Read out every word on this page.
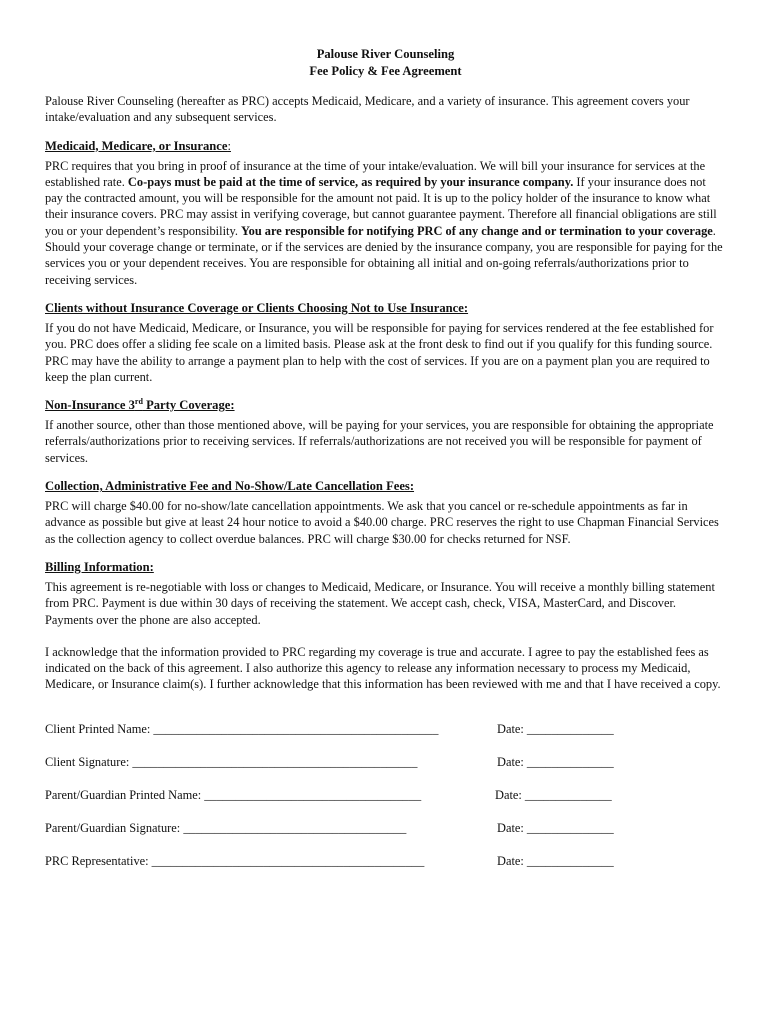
Palouse River Counseling
Fee Policy & Fee Agreement

Palouse River Counseling (hereafter as PRC) accepts Medicaid, Medicare, and a variety of insurance. This agreement covers your intake/evaluation and any subsequent services.

Medicaid, Medicare, or Insurance:

PRC requires that you bring in proof of insurance at the time of your intake/evaluation. We will bill your insurance for services at the established rate. Co-pays must be paid at the time of service, as required by your insurance company. If your insurance does not pay the contracted amount, you will be responsible for the amount not paid. It is up to the policy holder of the insurance to know what their insurance covers. PRC may assist in verifying coverage, but cannot guarantee payment. Therefore all financial obligations are still you or your dependent’s responsibility. You are responsible for notifying PRC of any change and or termination to your coverage. Should your coverage change or terminate, or if the services are denied by the insurance company, you are responsible for paying for the services you or your dependent receives. You are responsible for obtaining all initial and on-going referrals/authorizations prior to receiving services.

Clients without Insurance Coverage or Clients Choosing Not to Use Insurance:

If you do not have Medicaid, Medicare, or Insurance, you will be responsible for paying for services rendered at the fee established for you. PRC does offer a sliding fee scale on a limited basis. Please ask at the front desk to find out if you qualify for this funding source. PRC may have the ability to arrange a payment plan to help with the cost of services. If you are on a payment plan you are required to keep the plan current.

Non-Insurance 3rd Party Coverage:

If another source, other than those mentioned above, will be paying for your services, you are responsible for obtaining the appropriate referrals/authorizations prior to receiving services. If referrals/authorizations are not received you will be responsible for payment of services.

Collection, Administrative Fee and No-Show/Late Cancellation Fees:

PRC will charge $40.00 for no-show/late cancellation appointments. We ask that you cancel or re-schedule appointments as far in advance as possible but give at least 24 hour notice to avoid a $40.00 charge. PRC reserves the right to use Chapman Financial Services as the collection agency to collect overdue balances. PRC will charge $30.00 for checks returned for NSF.

Billing Information:

This agreement is re-negotiable with loss or changes to Medicaid, Medicare, or Insurance. You will receive a monthly billing statement from PRC. Payment is due within 30 days of receiving the statement. We accept cash, check, VISA, MasterCard, and Discover. Payments over the phone are also accepted.

I acknowledge that the information provided to PRC regarding my coverage is true and accurate. I agree to pay the established fees as indicated on the back of this agreement. I also authorize this agency to release any information necessary to process my Medicaid, Medicare, or Insurance claim(s). I further acknowledge that this information has been reviewed with me and that I have received a copy.

Client Printed Name: ______________________________________________	Date: ______________
Client Signature: ______________________________________________	Date: ______________
Parent/Guardian Printed Name: ___________________________________	Date: ______________
Parent/Guardian Signature: ____________________________________	Date: ______________
PRC Representative: ____________________________________________	Date: ______________
